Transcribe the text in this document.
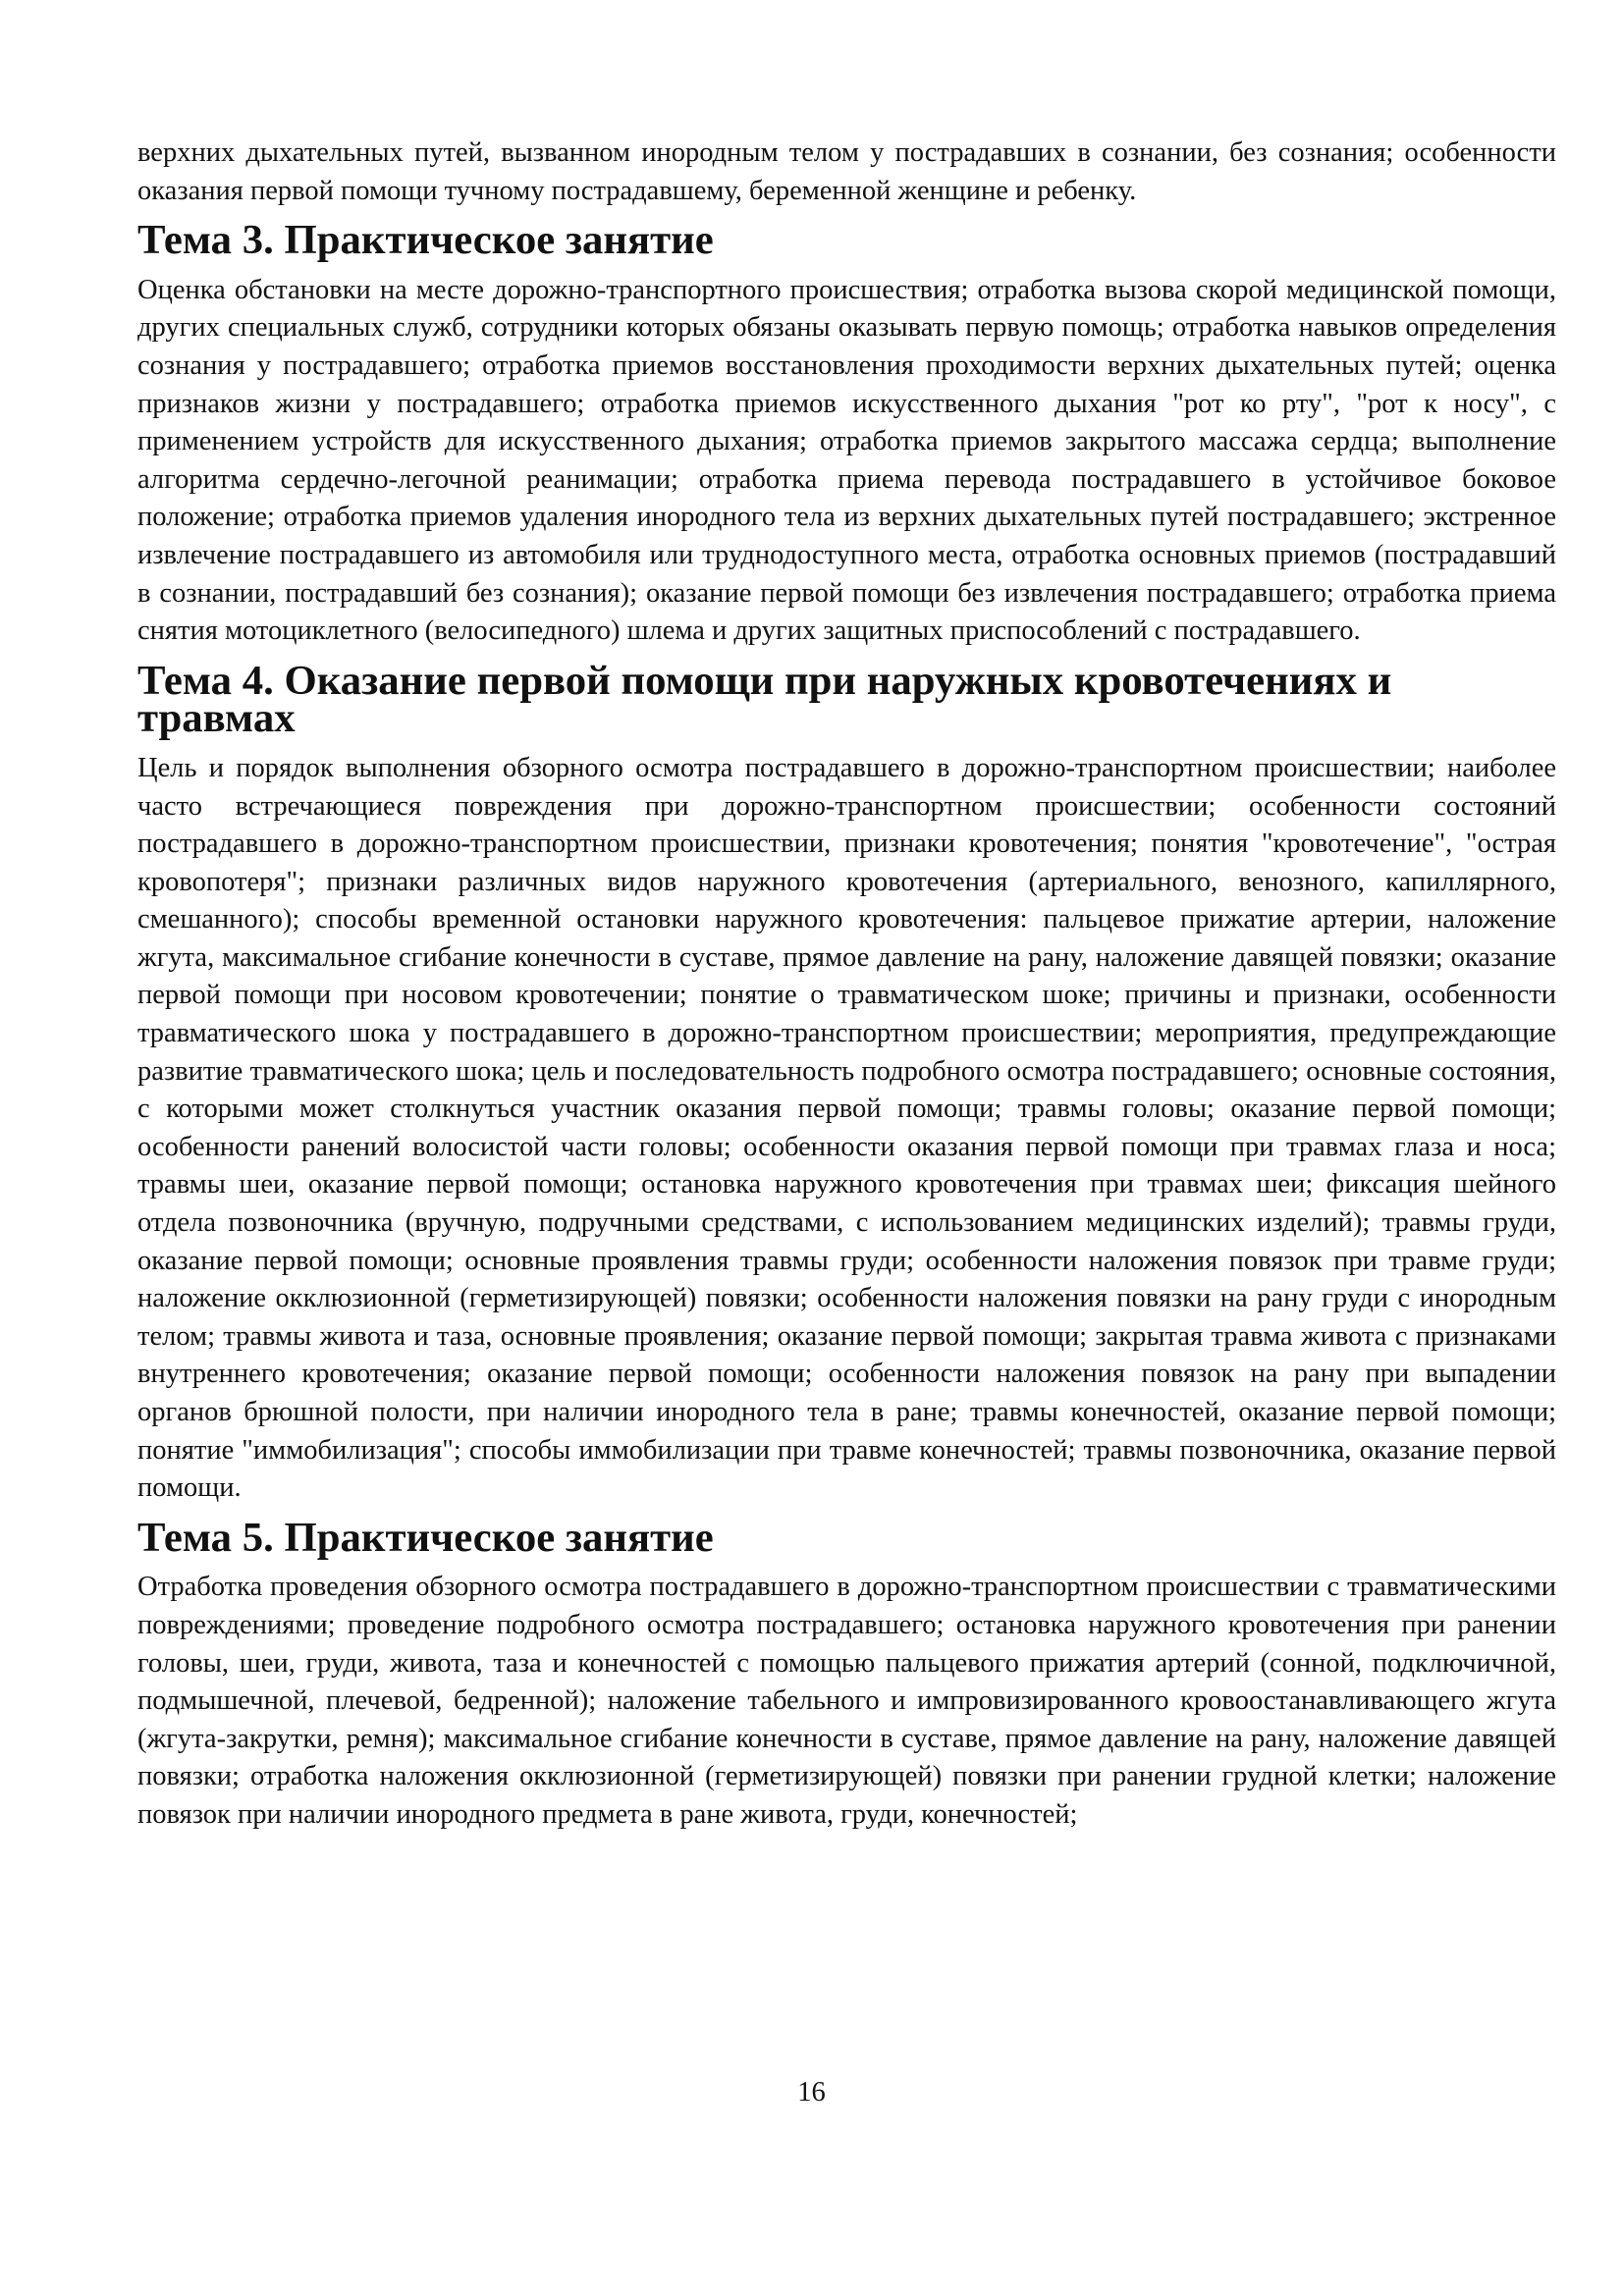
верхних дыхательных путей, вызванном инородным телом у пострадавших в сознании, без сознания; особенности оказания первой помощи тучному пострадавшему, беременной женщине и ребенку.

Тема 3. Практическое занятие

Оценка обстановки на месте дорожно-транспортного происшествия; отработка вызова скорой медицинской помощи, других специальных служб, сотрудники которых обязаны оказывать первую помощь; отработка навыков определения сознания у пострадавшего; отработка приемов восстановления проходимости верхних дыхательных путей; оценка признаков жизни у пострадавшего; отработка приемов искусственного дыхания "рот ко рту", "рот к носу", с применением устройств для искусственного дыхания; отработка приемов закрытого массажа сердца; выполнение алгоритма сердечно-легочной реанимации; отработка приема перевода пострадавшего в устойчивое боковое положение; отработка приемов удаления инородного тела из верхних дыхательных путей пострадавшего; экстренное извлечение пострадавшего из автомобиля или труднодоступного места, отработка основных приемов (пострадавший в сознании, пострадавший без сознания); оказание первой помощи без извлечения пострадавшего; отработка приема снятия мотоциклетного (велосипедного) шлема и других защитных приспособлений с пострадавшего.

Тема 4. Оказание первой помощи при наружных кровотечениях и травмах

Цель и порядок выполнения обзорного осмотра пострадавшего в дорожно-транспортном происшествии; наиболее часто встречающиеся повреждения при дорожно-транспортном происшествии; особенности состояний пострадавшего в дорожно-транспортном происшествии, признаки кровотечения; понятия "кровотечение", "острая кровопотеря"; признаки различных видов наружного кровотечения (артериального, венозного, капиллярного, смешанного); способы временной остановки наружного кровотечения: пальцевое прижатие артерии, наложение жгута, максимальное сгибание конечности в суставе, прямое давление на рану, наложение давящей повязки; оказание первой помощи при носовом кровотечении; понятие о травматическом шоке; причины и признаки, особенности травматического шока у пострадавшего в дорожно-транспортном происшествии; мероприятия, предупреждающие развитие травматического шока; цель и последовательность подробного осмотра пострадавшего; основные состояния, с которыми может столкнуться участник оказания первой помощи; травмы головы; оказание первой помощи; особенности ранений волосистой части головы; особенности оказания первой помощи при травмах глаза и носа; травмы шеи, оказание первой помощи; остановка наружного кровотечения при травмах шеи; фиксация шейного отдела позвоночника (вручную, подручными средствами, с использованием медицинских изделий); травмы груди, оказание первой помощи; основные проявления травмы груди; особенности наложения повязок при травме груди; наложение окклюзионной (герметизирующей) повязки; особенности наложения повязки на рану груди с инородным телом; травмы живота и таза, основные проявления; оказание первой помощи; закрытая травма живота с признаками внутреннего кровотечения; оказание первой помощи; особенности наложения повязок на рану при выпадении органов брюшной полости, при наличии инородного тела в ране; травмы конечностей, оказание первой помощи; понятие "иммобилизация"; способы иммобилизации при травме конечностей; травмы позвоночника, оказание первой помощи.

Тема 5. Практическое занятие

Отработка проведения обзорного осмотра пострадавшего в дорожно-транспортном происшествии с травматическими повреждениями; проведение подробного осмотра пострадавшего; остановка наружного кровотечения при ранении головы, шеи, груди, живота, таза и конечностей с помощью пальцевого прижатия артерий (сонной, подключичной, подмышечной, плечевой, бедренной); наложение табельного и импровизированного кровоостанавливающего жгута (жгута-закрутки, ремня); максимальное сгибание конечности в суставе, прямое давление на рану, наложение давящей повязки; отработка наложения окклюзионной (герметизирующей) повязки при ранении грудной клетки; наложение повязок при наличии инородного предмета в ране живота, груди, конечностей;

16
